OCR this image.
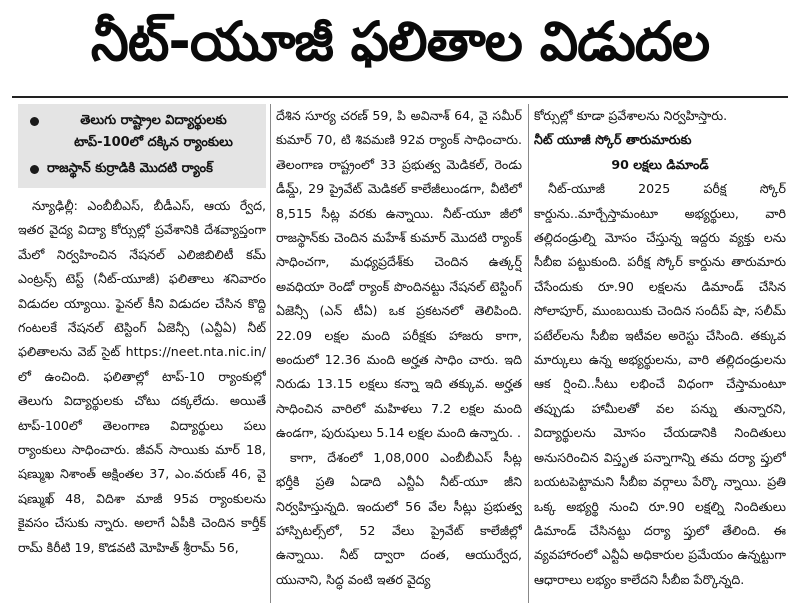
నీట్-యూజీ ఫలితాల విడుదల
తెలుగు రాష్ట్రాల విద్యార్థులకు టాప్-100లో దక్కిన ర్యాంకులు
రాజస్థాన్ కుర్రాడికి మొదటి ర్యాంక్

న్యూఢిల్లీ: ఎంబీబీఎస్, బీడీఎస్, ఆయ ర్వేద, ఇతర వైద్య విద్యా కోర్సుల్లో ప్రవేశానికి దేశవ్యాప్తంగా మేలో నిర్వహించిన నేషనల్ ఎలిజిబిలిటీ కమ్ ఎంట్రన్స్ టెస్ట్ (నీట్-యూజీ) ఫలితాలు శనివారం విడుదల య్యాయి. ఫైనల్ కీని విడుదల చేసిన కొద్ది గంటలకే నేషనల్ టెస్టింగ్ ఏజెన్సీ (ఎన్టీఏ) నీట్ ఫలితాలను వెబ్ సైట్ https://neet.nta.nic.in/ లో ఉంచింది. ఫలితాల్లో టాప్-10 ర్యాంకుల్లో తెలుగు విద్యార్థులకు చోటు దక్కలేదు. అయితే టాప్-100లో తెలంగాణ విద్యార్థులు పలు ర్యాంకులు సాధించారు. జీవన్ సాయికు మార్ 18, షణ్ముఖ నిశాంత్ అక్షింతల 37, ఎం.వరుణ్ 46, వై షణ్ముఖ్ 48, విదిశా మాజీ 95వ ర్యాంకులను కైవసం చేసుకు న్నారు. అలాగే ఏపీకి చెందిన కార్తీక్ రామ్ కిరీటి 19, కొడవటి మోహిత్ శ్రీరామ్ 56,

దేశిన సూర్య చరణ్ 59, పి అవినాశ్ 64, వై సమీర్ కుమార్ 70, టి శివమణి 92వ ర్యాంక్ సాధించారు. తెలంగాణ రాష్ట్రంలో 33 ప్రభుత్వ మెడికల్, రెండు డీమ్డ్, 29 ప్రైవేట్ మెడికల్ కాలేజీలుండగా, వీటిలో 8,515 సీట్ల వరకు ఉన్నాయి. నీట్-యూ జీలో రాజస్థాన్‌కు చెందిన మహేశ్ కుమార్ మొదటి ర్యాంక్ సాధించగా, మధ్యప్రదేశ్‌కు చెందిన ఉత్కర్ష్ అవధియా రెండో ర్యాంక్ పొందినట్టు నేషనల్ టెస్టింగ్ ఏజెన్సీ (ఎన్ టీఏ) ఒక ప్రకటనలో తెలిపింది. 22.09 లక్షల మంది పరీక్షకు హాజరు కాగా, అందులో 12.36 మంది అర్హత సాధిం చారు. ఇది నిరుడు 13.15 లక్షలు కన్నా ఇది తక్కువ. అర్హత సాధించిన వారిలో మహిళలు 7.2 లక్షల మంది ఉండగా, పురుషులు 5.14 లక్షల మంది ఉన్నారు. .

కాగా, దేశంలో 1,08,000 ఎంబీబీఎస్ సీట్ల భర్తీకి ప్రతి ఏడాది ఎన్టీఏ నీట్-యూ జీని నిర్వహిస్తున్నది. ఇందులో 56 వేల సీట్లు ప్రభుత్వ హాస్పిటల్స్‌లో, 52 వేలు ప్రైవేట్ కాలేజీల్లో ఉన్నాయి. నీట్ ద్వారా దంత, ఆయుర్వేద, యునాని, సిద్ధ వంటి ఇతర వైద్య

కోర్సుల్లో కూడా ప్రవేశాలను నిర్వహిస్తారు.

నీట్ యూజీ స్కోర్ తారుమారుకు

90 లక్షలు డిమాండ్

నీట్-యూజీ 2025 పరీక్ష స్కోర్ కార్డును..మార్చేస్తామంటూ అభ్యర్థులు, వారి తల్లిదండ్రుల్ని మోసం చేస్తున్న ఇద్దరు వ్యక్తు లను సీబీఐ పట్టుకుంది. పరీక్ష స్కోర్ కార్డును తారుమారు చేసేందుకు రూ.90 లక్షలను డిమాండ్ చేసిన సోలాపూర్, ముంబయికు చెందిన సందీప్ షా, సలీమ్ పటేల్‌లను సీబీఐ ఇటీవల అరెస్టు చేసింది. తక్కువ మార్కులు ఉన్న అభ్యర్థులను, వారి తల్లిదండ్రులను ఆక ర్షించి..సీటు లభించే విధంగా చేస్తామంటూ తప్పుడు హామీలతో వల పన్ను తున్నారని, విద్యార్థులను మోసం చేయడానికి నిందితులు అనుసరించిన విస్తృత పన్నాగాన్ని తమ దర్యా ప్తులో బయటపెట్టామని సీబీఐ వర్గాలు పేర్కొ న్నాయి. ప్రతి ఒక్క అభ్యర్థి నుంచి రూ.90 లక్షల్ని నిందితులు డిమాండ్ చేసినట్టు దర్యా ప్తులో తేలింది. ఈ వ్యవహారంలో ఎన్టీఏ అధికారుల ప్రమేయం ఉన్నట్టుగా ఆధారాలు లభ్యం కాలేదని సీబీఐ పేర్కొన్నది.
